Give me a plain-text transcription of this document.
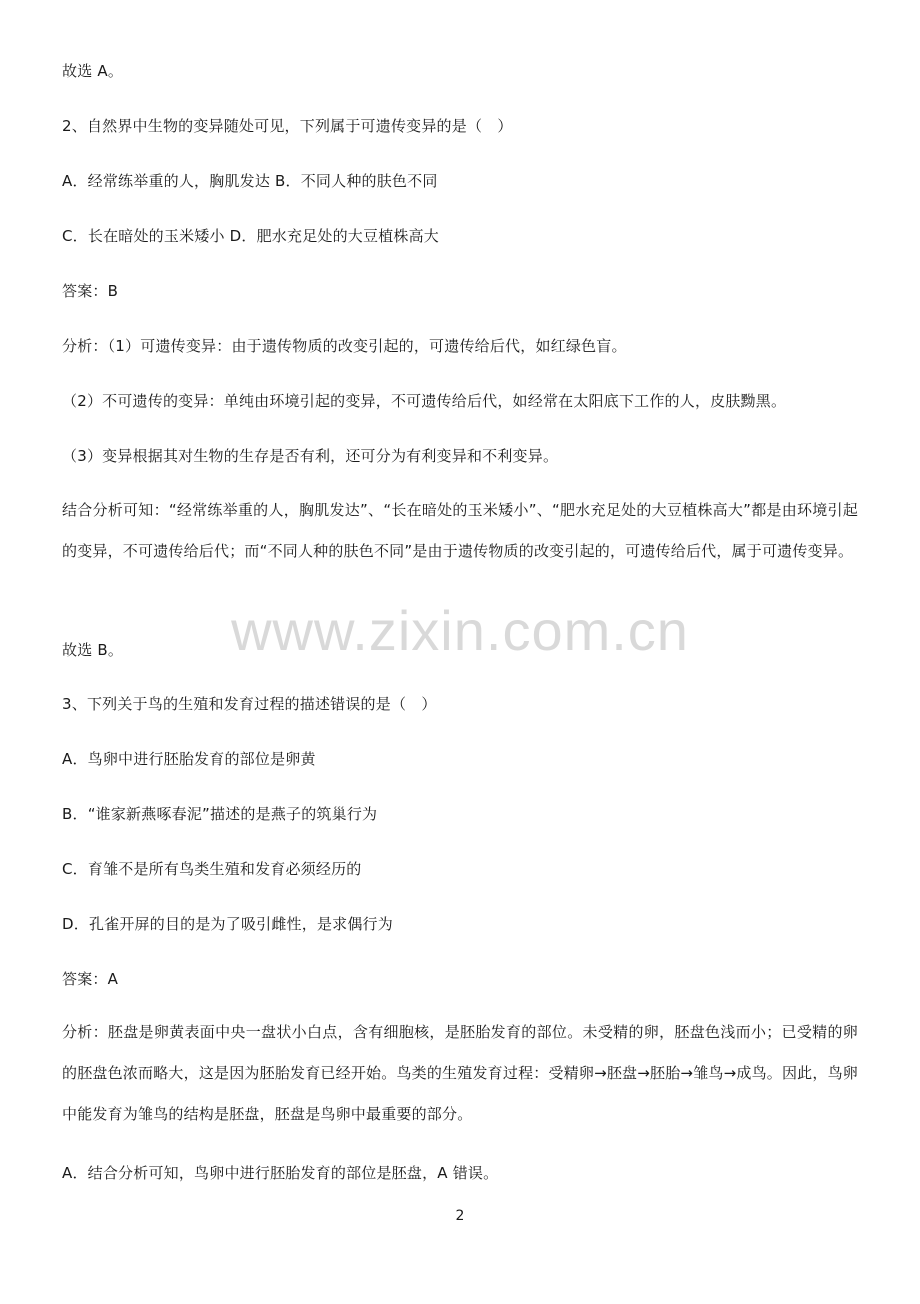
故选 A。
2、自然界中生物的变异随处可见，下列属于可遗传变异的是（　）
A．经常练举重的人，胸肌发达 B．不同人种的肤色不同
C．长在暗处的玉米矮小 D．肥水充足处的大豆植株高大
答案：B
分析：（1）可遗传变异：由于遗传物质的改变引起的，可遗传给后代，如红绿色盲。
（2）不可遗传的变异：单纯由环境引起的变异，不可遗传给后代，如经常在太阳底下工作的人，皮肤黝黑。
（3）变异根据其对生物的生存是否有利，还可分为有利变异和不利变异。
结合分析可知：“经常练举重的人，胸肌发达”、“长在暗处的玉米矮小”、“肥水充足处的大豆植株高大”都是由环境引起的变异，不可遗传给后代；而“不同人种的肤色不同”是由于遗传物质的改变引起的，可遗传给后代，属于可遗传变异。
www.zixin.com.cn
故选 B。
3、下列关于鸟的生殖和发育过程的描述错误的是（　）
A．鸟卵中进行胚胎发育的部位是卵黄
B．“谁家新燕啄春泥”描述的是燕子的筑巢行为
C．育雏不是所有鸟类生殖和发育必须经历的
D．孔雀开屏的目的是为了吸引雌性，是求偶行为
答案：A
分析：胚盘是卵黄表面中央一盘状小白点，含有细胞核，是胚胎发育的部位。未受精的卵，胚盘色浅而小；已受精的卵的胚盘色浓而略大，这是因为胚胎发育已经开始。鸟类的生殖发育过程：受精卵→胚盘→胚胎→雏鸟→成鸟。因此，鸟卵中能发育为雏鸟的结构是胚盘，胚盘是鸟卵中最重要的部分。
A．结合分析可知，鸟卵中进行胚胎发育的部位是胚盘，A 错误。
2
